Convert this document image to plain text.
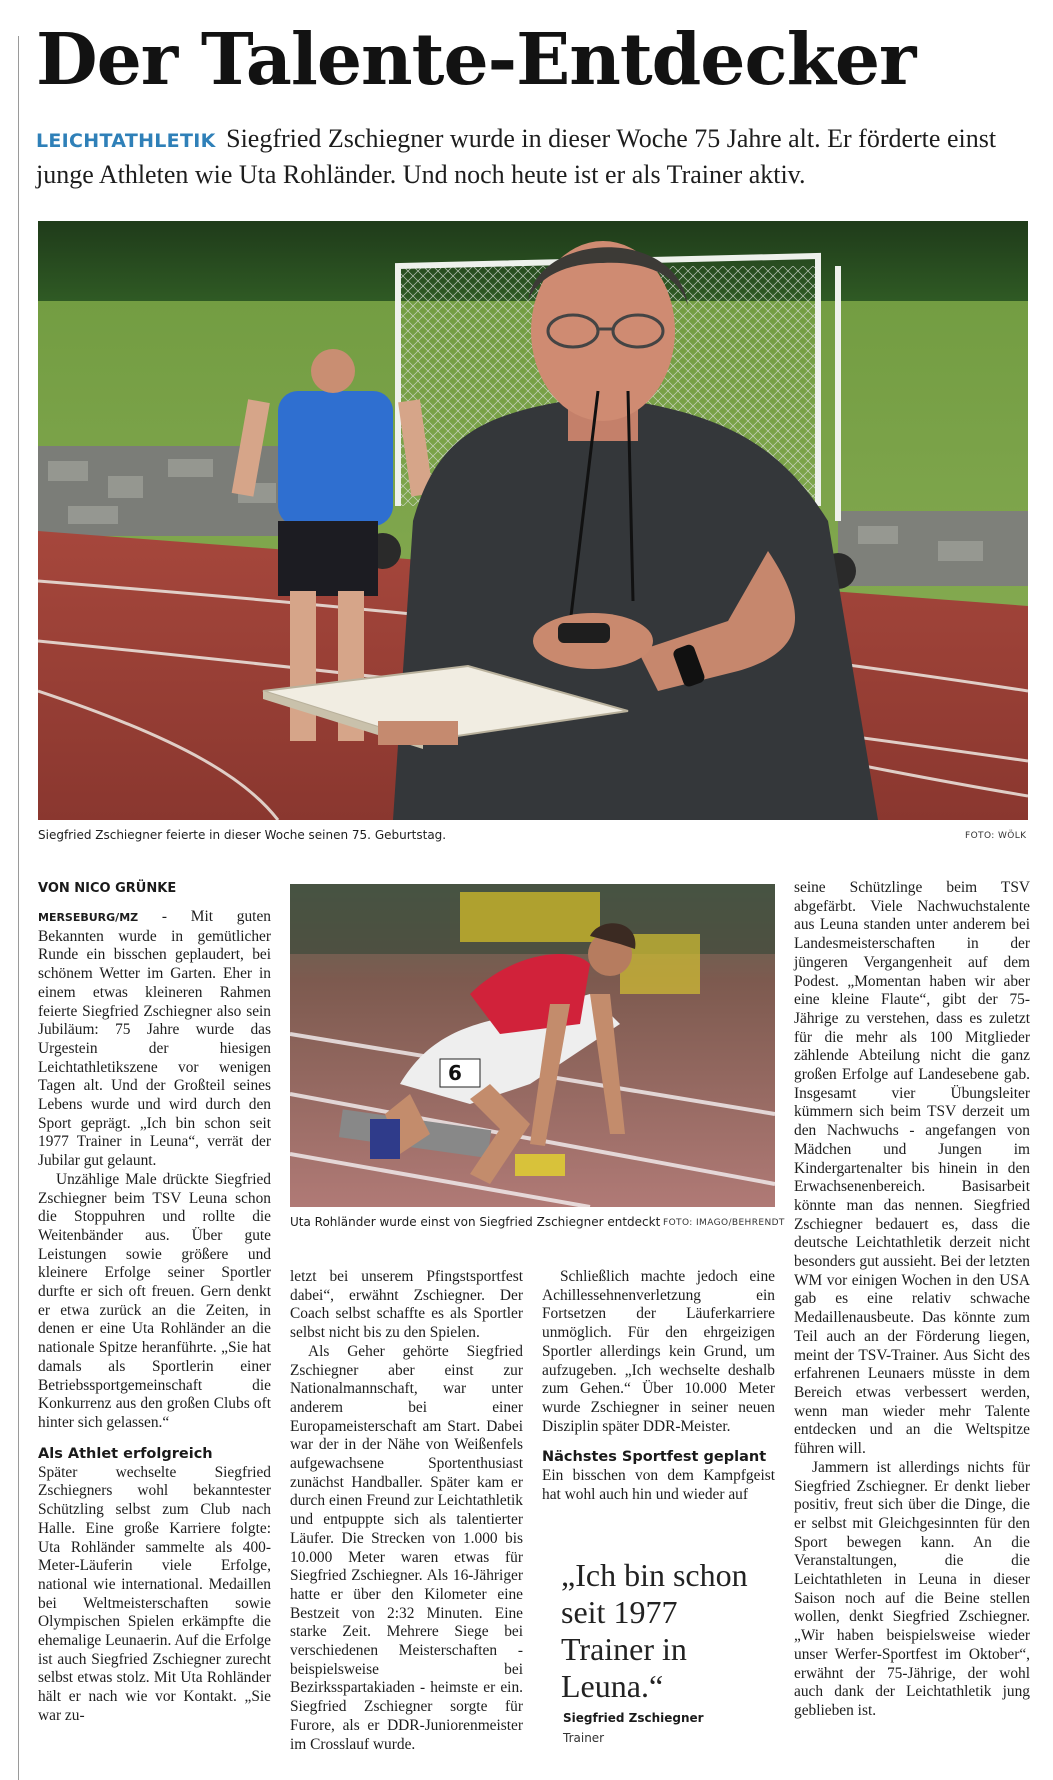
Der Talente-Entdecker

LEICHTATHLETIK Siegfried Zschiegner wurde in dieser Woche 75 Jahre alt. Er förderte einst junge Athleten wie Uta Rohländer. Und noch heute ist er als Trainer aktiv.

Siegfried Zschiegner feierte in dieser Woche seinen 75. Geburtstag.	FOTO: WÖLK
VON NICO GRÜNKE

MERSEBURG/MZ - Mit guten Bekannten wurde in gemütlicher Runde ein bisschen geplaudert, bei schönem Wetter im Garten. Eher in einem etwas kleineren Rahmen feierte Siegfried Zschiegner also sein Jubiläum: 75 Jahre wurde das Urgestein der hiesigen Leichtathletikszene vor wenigen Tagen alt. Und der Großteil seines Lebens wurde und wird durch den Sport geprägt. „Ich bin schon seit 1977 Trainer in Leuna“, verrät der Jubilar gut gelaunt.

Unzählige Male drückte Siegfried Zschiegner beim TSV Leuna schon die Stoppuhren und rollte die Weitenbänder aus. Über gute Leistungen sowie größere und kleinere Erfolge seiner Sportler durfte er sich oft freuen. Gern denkt er etwa zurück an die Zeiten, in denen er eine Uta Rohländer an die nationale Spitze heranführte. „Sie hat damals als Sportlerin einer Betriebssportgemeinschaft die Konkurrenz aus den großen Clubs oft hinter sich gelassen.“

Als Athlet erfolgreich

Später wechselte Siegfried Zschiegners wohl bekanntester Schützling selbst zum Club nach Halle. Eine große Karriere folgte: Uta Rohländer sammelte als 400-Meter-Läuferin viele Erfolge, national wie international. Medaillen bei Weltmeisterschaften sowie Olympischen Spielen erkämpfte die ehemalige Leunaerin. Auf die Erfolge ist auch Siegfried Zschiegner zurecht selbst etwas stolz. Mit Uta Rohländer hält er nach wie vor Kontakt. „Sie war zu-

6
Uta Rohländer wurde einst von Siegfried Zschiegner entdeckt FOTO: IMAGO/BEHRENDT

letzt bei unserem Pfingstsportfest dabei“, erwähnt Zschiegner. Der Coach selbst schaffte es als Sportler selbst nicht bis zu den Spielen.

Als Geher gehörte Siegfried Zschiegner aber einst zur Nationalmannschaft, war unter anderem bei einer Europameisterschaft am Start. Dabei war der in der Nähe von Weißenfels aufgewachsene Sportenthusiast zunächst Handballer. Später kam er durch einen Freund zur Leichtathletik und entpuppte sich als talentierter Läufer. Die Strecken von 1.000 bis 10.000 Meter waren etwas für Siegfried Zschiegner. Als 16-Jähriger hatte er über den Kilometer eine Bestzeit von 2:32 Minuten. Eine starke Zeit. Mehrere Siege bei verschiedenen Meisterschaften - beispielsweise bei Bezirksspartakiaden - heimste er ein. Siegfried Zschiegner sorgte für Furore, als er DDR-Juniorenmeister im Crosslauf wurde.

Schließlich machte jedoch eine Achillessehnenverletzung ein Fortsetzen der Läuferkarriere unmöglich. Für den ehrgeizigen Sportler allerdings kein Grund, um aufzugeben. „Ich wechselte deshalb zum Gehen.“ Über 10.000 Meter wurde Zschiegner in seiner neuen Disziplin später DDR-Meister.

Nächstes Sportfest geplant

Ein bisschen von dem Kampfgeist hat wohl auch hin und wieder auf

„Ich bin schon seit 1977 Trainer in Leuna.“
Siegfried Zschiegner
Trainer

seine Schützlinge beim TSV abgefärbt. Viele Nachwuchstalente aus Leuna standen unter anderem bei Landesmeisterschaften in der jüngeren Vergangenheit auf dem Podest. „Momentan haben wir aber eine kleine Flaute“, gibt der 75-Jährige zu verstehen, dass es zuletzt für die mehr als 100 Mitglieder zählende Abteilung nicht die ganz großen Erfolge auf Landesebene gab. Insgesamt vier Übungsleiter kümmern sich beim TSV derzeit um den Nachwuchs - angefangen von Mädchen und Jungen im Kindergartenalter bis hinein in den Erwachsenenbereich. Basisarbeit könnte man das nennen. Siegfried Zschiegner bedauert es, dass die deutsche Leichtathletik derzeit nicht besonders gut aussieht. Bei der letzten WM vor einigen Wochen in den USA gab es eine relativ schwache Medaillenausbeute. Das könnte zum Teil auch an der Förderung liegen, meint der TSV-Trainer. Aus Sicht des erfahrenen Leunaers müsste in dem Bereich etwas verbessert werden, wenn man wieder mehr Talente entdecken und an die Weltspitze führen will.

Jammern ist allerdings nichts für Siegfried Zschiegner. Er denkt lieber positiv, freut sich über die Dinge, die er selbst mit Gleichgesinnten für den Sport bewegen kann. An die Veranstaltungen, die die Leichtathleten in Leuna in dieser Saison noch auf die Beine stellen wollen, denkt Siegfried Zschiegner. „Wir haben beispielsweise wieder unser Werfer-Sportfest im Oktober“, erwähnt der 75-Jährige, der wohl auch dank der Leichtathletik jung geblieben ist.
